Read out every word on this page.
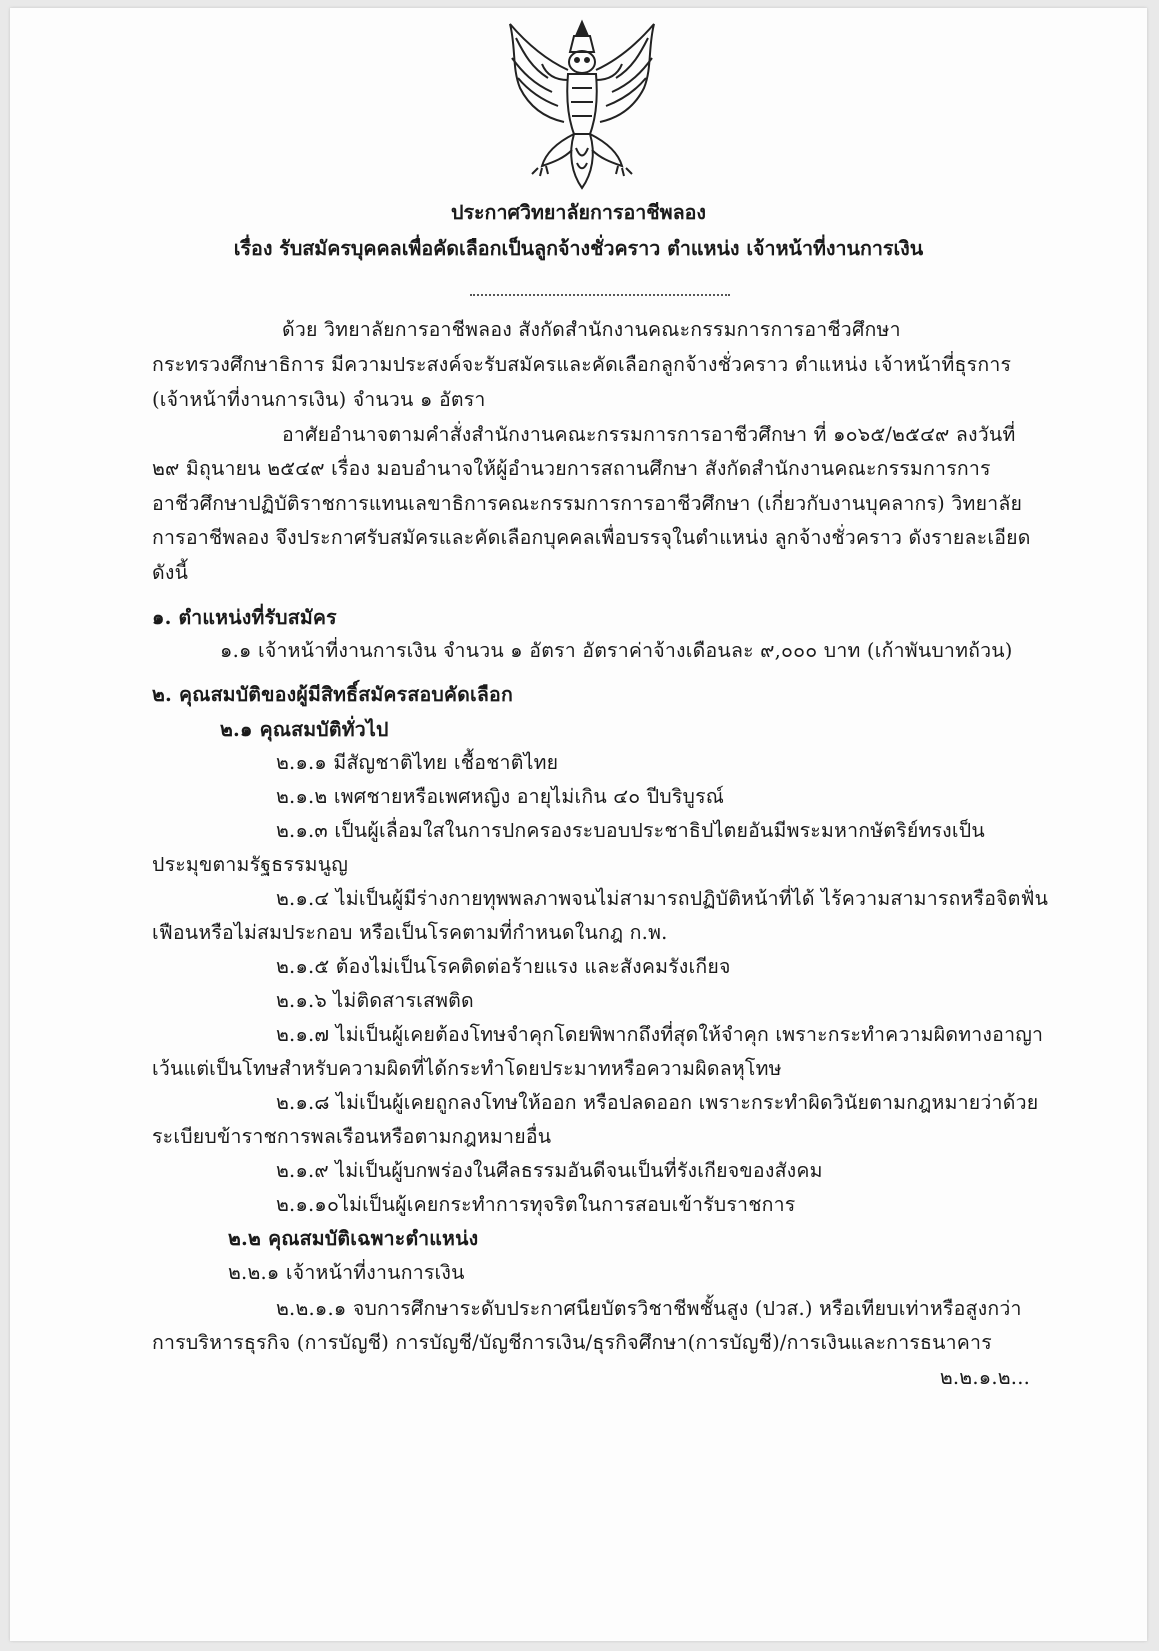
ประกาศวิทยาลัยการอาชีพลอง
เรื่อง รับสมัครบุคคลเพื่อคัดเลือกเป็นลูกจ้างชั่วคราว ตำแหน่ง เจ้าหน้าที่งานการเงิน
ด้วย วิทยาลัยการอาชีพลอง สังกัดสำนักงานคณะกรรมการการอาชีวศึกษา
กระทรวงศึกษาธิการ มีความประสงค์จะรับสมัครและคัดเลือกลูกจ้างชั่วคราว ตำแหน่ง เจ้าหน้าที่ธุรการ
(เจ้าหน้าที่งานการเงิน) จำนวน ๑ อัตรา
อาศัยอำนาจตามคำสั่งสำนักงานคณะกรรมการการอาชีวศึกษา ที่ ๑๐๖๕/๒๕๔๙ ลงวันที่
๒๙ มิถุนายน ๒๕๔๙ เรื่อง มอบอำนาจให้ผู้อำนวยการสถานศึกษา สังกัดสำนักงานคณะกรรมการการ
อาชีวศึกษาปฏิบัติราชการแทนเลขาธิการคณะกรรมการการอาชีวศึกษา (เกี่ยวกับงานบุคลากร) วิทยาลัย
การอาชีพลอง จึงประกาศรับสมัครและคัดเลือกบุคคลเพื่อบรรจุในตำแหน่ง ลูกจ้างชั่วคราว ดังรายละเอียด
ดังนี้
๑. ตำแหน่งที่รับสมัคร
๑.๑ เจ้าหน้าที่งานการเงิน จำนวน ๑ อัตรา อัตราค่าจ้างเดือนละ ๙,๐๐๐ บาท (เก้าพันบาทถ้วน)
๒. คุณสมบัติของผู้มีสิทธิ์สมัครสอบคัดเลือก
๒.๑ คุณสมบัติทั่วไป
๒.๑.๑ มีสัญชาติไทย เชื้อชาติไทย
๒.๑.๒ เพศชายหรือเพศหญิง อายุไม่เกิน ๔๐ ปีบริบูรณ์
๒.๑.๓ เป็นผู้เลื่อมใสในการปกครองระบอบประชาธิปไตยอันมีพระมหากษัตริย์ทรงเป็น
ประมุขตามรัฐธรรมนูญ
๒.๑.๔ ไม่เป็นผู้มีร่างกายทุพพลภาพจนไม่สามารถปฏิบัติหน้าที่ได้ ไร้ความสามารถหรือจิตฟั่น
เฟือนหรือไม่สมประกอบ หรือเป็นโรคตามที่กำหนดในกฎ ก.พ.
๒.๑.๕ ต้องไม่เป็นโรคติดต่อร้ายแรง และสังคมรังเกียจ
๒.๑.๖ ไม่ติดสารเสพติด
๒.๑.๗ ไม่เป็นผู้เคยต้องโทษจำคุกโดยพิพากถึงที่สุดให้จำคุก เพราะกระทำความผิดทางอาญา
เว้นแต่เป็นโทษสำหรับความผิดที่ได้กระทำโดยประมาทหรือความผิดลหุโทษ
๒.๑.๘ ไม่เป็นผู้เคยถูกลงโทษให้ออก หรือปลดออก เพราะกระทำผิดวินัยตามกฎหมายว่าด้วย
ระเบียบข้าราชการพลเรือนหรือตามกฎหมายอื่น
๒.๑.๙ ไม่เป็นผู้บกพร่องในศีลธรรมอันดีจนเป็นที่รังเกียจของสังคม
๒.๑.๑๐ไม่เป็นผู้เคยกระทำการทุจริตในการสอบเข้ารับราชการ
๒.๒ คุณสมบัติเฉพาะตำแหน่ง
๒.๒.๑ เจ้าหน้าที่งานการเงิน
๒.๒.๑.๑ จบการศึกษาระดับประกาศนียบัตรวิชาชีพชั้นสูง (ปวส.) หรือเทียบเท่าหรือสูงกว่า
การบริหารธุรกิจ (การบัญชี) การบัญชี/บัญชีการเงิน/ธุรกิจศึกษา(การบัญชี)/การเงินและการธนาคาร
๒.๒.๑.๒...
